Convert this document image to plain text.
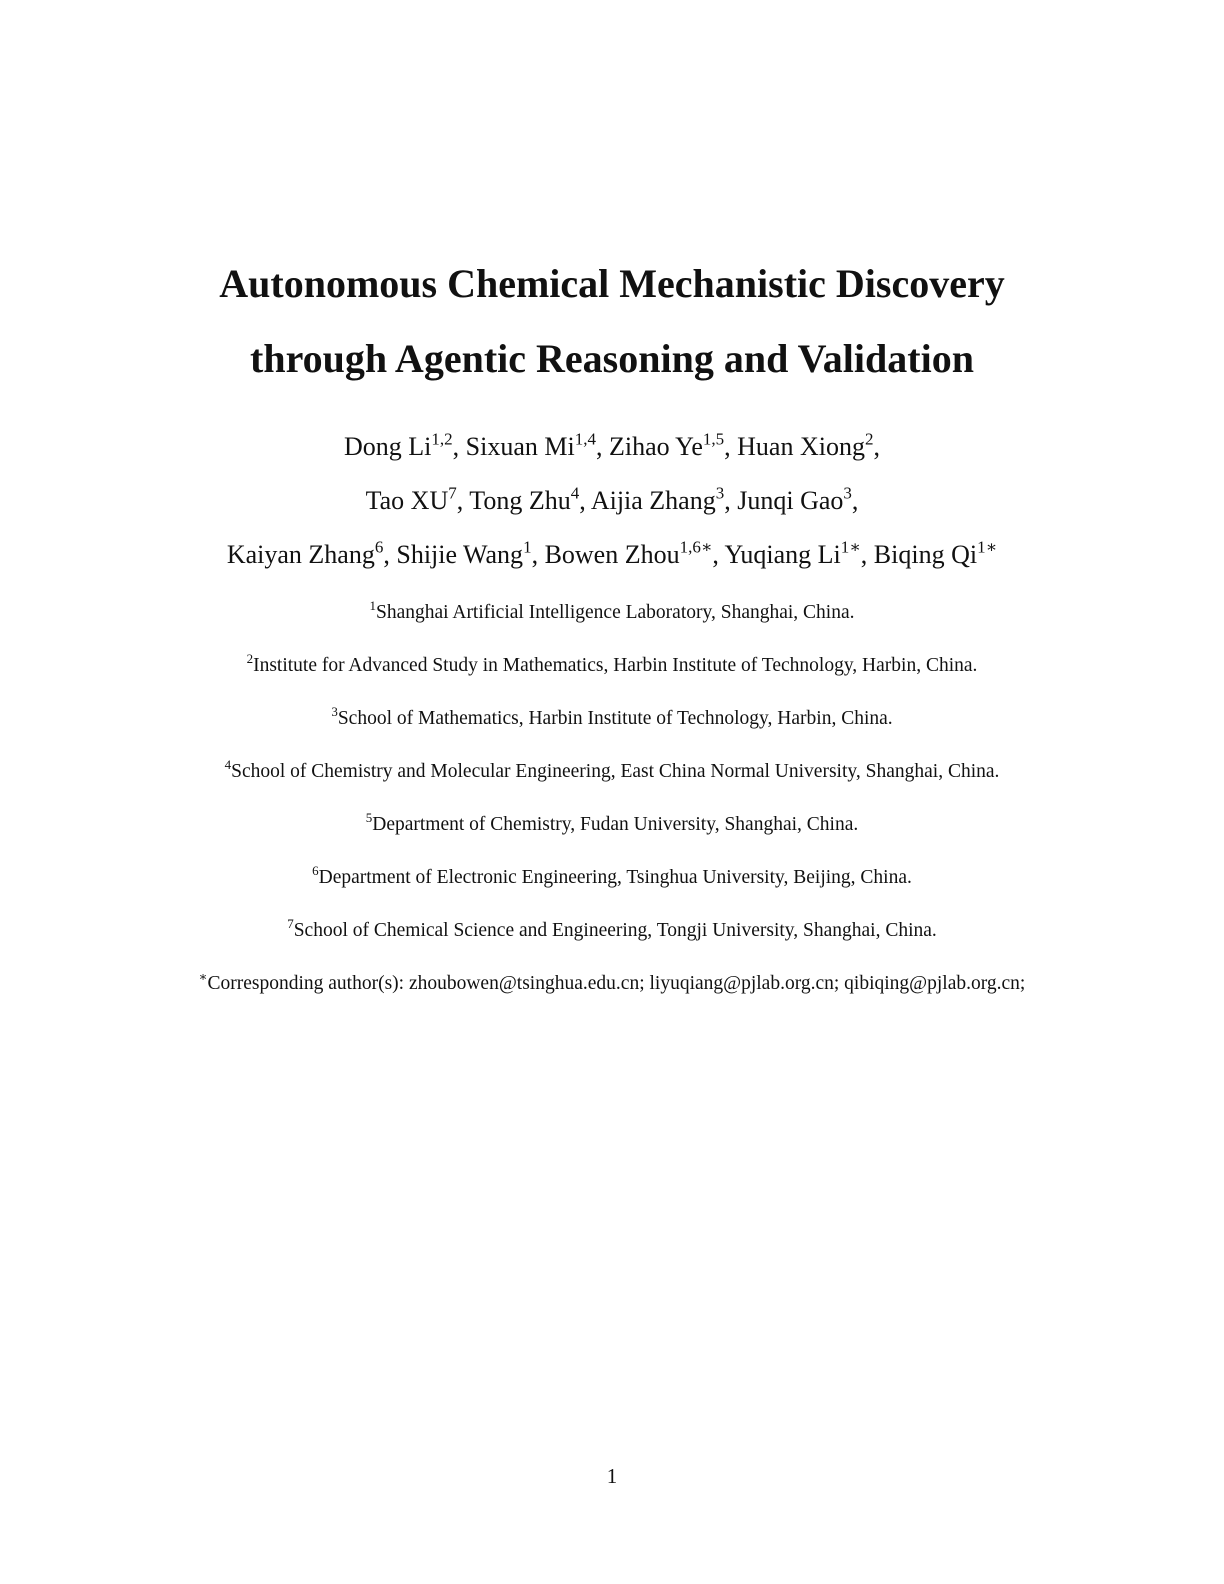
Autonomous Chemical Mechanistic Discovery
through Agentic Reasoning and Validation
Dong Li$^{1,2}$, Sixuan Mi$^{1,4}$, Zihao Ye$^{1,5}$, Huan Xiong$^2$,
Tao XU$^7$, Tong Zhu$^4$, Aijia Zhang$^3$, Junqi Gao$^3$,
Kaiyan Zhang$^6$, Shijie Wang$^1$, Bowen Zhou$^{1,6∗}$, Yuqiang Li$^{1∗}$, Biqing Qi$^{1∗}$
$^1$Shanghai Artificial Intelligence Laboratory, Shanghai, China.
$^2$Institute for Advanced Study in Mathematics, Harbin Institute of Technology, Harbin, China.
$^3$School of Mathematics, Harbin Institute of Technology, Harbin, China.
$^4$School of Chemistry and Molecular Engineering, East China Normal University, Shanghai, China.
$^5$Department of Chemistry, Fudan University, Shanghai, China.
$^6$Department of Electronic Engineering, Tsinghua University, Beijing, China.
$^7$School of Chemical Science and Engineering, Tongji University, Shanghai, China.
∗Corresponding author(s): zhoubowen@tsinghua.edu.cn; liyuqiang@pjlab.org.cn; qibiqing@pjlab.org.cn;
1
